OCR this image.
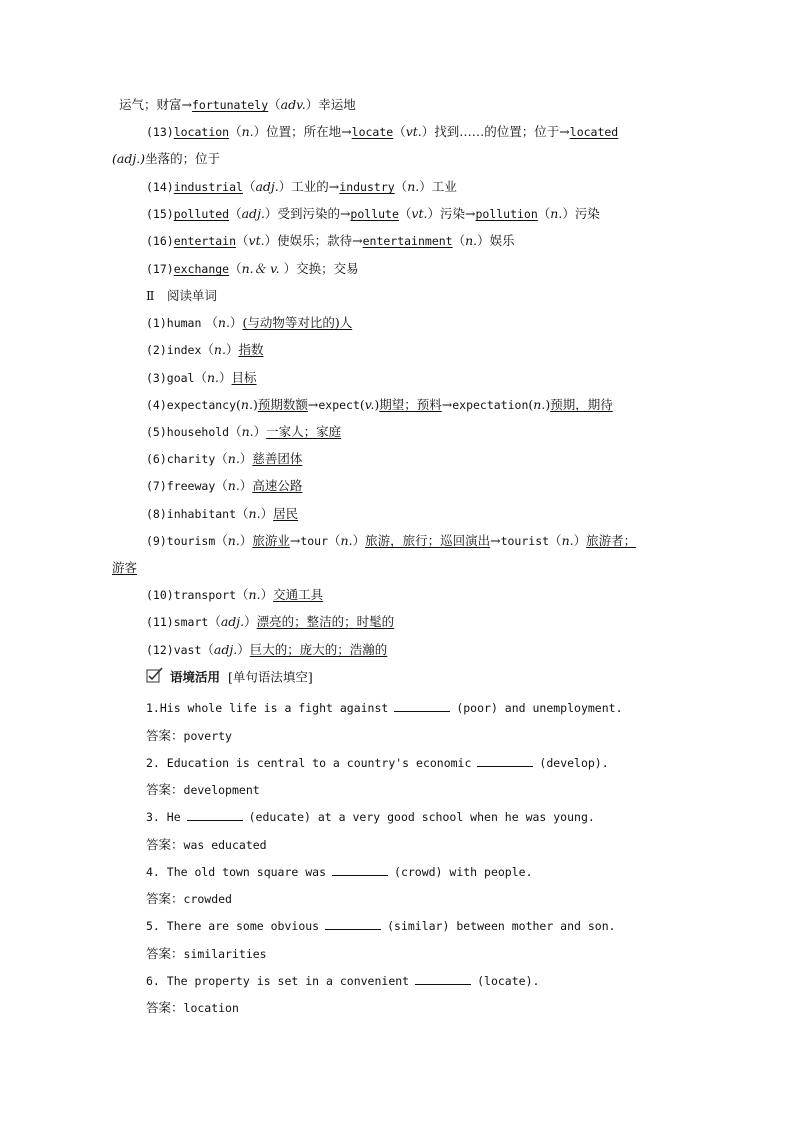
运气；财富→fortunately（adv.）幸运地
(13)location（n.）位置；所在地→locate（vt.）找到……的位置；位于→located
(adj.)坐落的；位于
(14)industrial（adj.）工业的→industry（n.）工业
(15)polluted（adj.）受到污染的→pollute（vt.）污染→pollution（n.）污染
(16)entertain（vt.）使娱乐；款待→entertainment（n.）娱乐
(17)exchange（n.＆ v. ）交换；交易
Ⅱ　阅读单词
(1)human （n.）(与动物等对比的)人
(2)index（n.）指数
(3)goal（n.）目标
(4)expectancy(n.)预期数额→expect(v.)期望；预料→expectation(n.)预期，期待
(5)household（n.）一家人；家庭
(6)charity（n.）慈善团体
(7)freeway（n.）高速公路
(8)inhabitant（n.）居民
(9)tourism（n.）旅游业→tour（n.）旅游，旅行；巡回演出→tourist（n.）旅游者；
游客
(10)transport（n.）交通工具
(11)smart（adj.）漂亮的；整洁的；时髦的
(12)vast（adj.）巨大的；庞大的；浩瀚的
语境活用 [单句语法填空]
1.His whole life is a fight against	(poor) and unemployment.
答案：poverty
2. Education is central to a country's economic	(develop).
答案：development
3. He	(educate) at a very good school when he was young.
答案：was educated
4. The old town square was	(crowd) with people.
答案：crowded
5. There are some obvious	(similar) between mother and son.
答案：similarities
6. The property is set in a convenient	(locate).
答案：location
